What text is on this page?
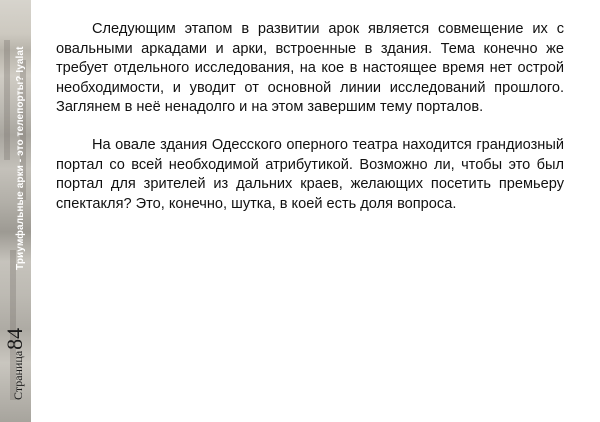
Триумфальные арки - это телепорты? Iyalat
Страница84

Следующим этапом в развитии арок является совмещение их с овальными аркадами и арки, встроенные в здания. Тема конечно же требует отдельного исследования, на кое в настоящее время нет острой необходимости, и уводит от основной линии исследований прошлого. Заглянем в неё ненадолго и на этом завершим тему порталов.

На овале здания Одесского оперного театра находится грандиозный портал со всей необходимой атрибутикой. Возможно ли, чтобы это был портал для зрителей из дальних краев, желающих посетить премьеру спектакля? Это, конечно, шутка, в коей есть доля вопроса.
